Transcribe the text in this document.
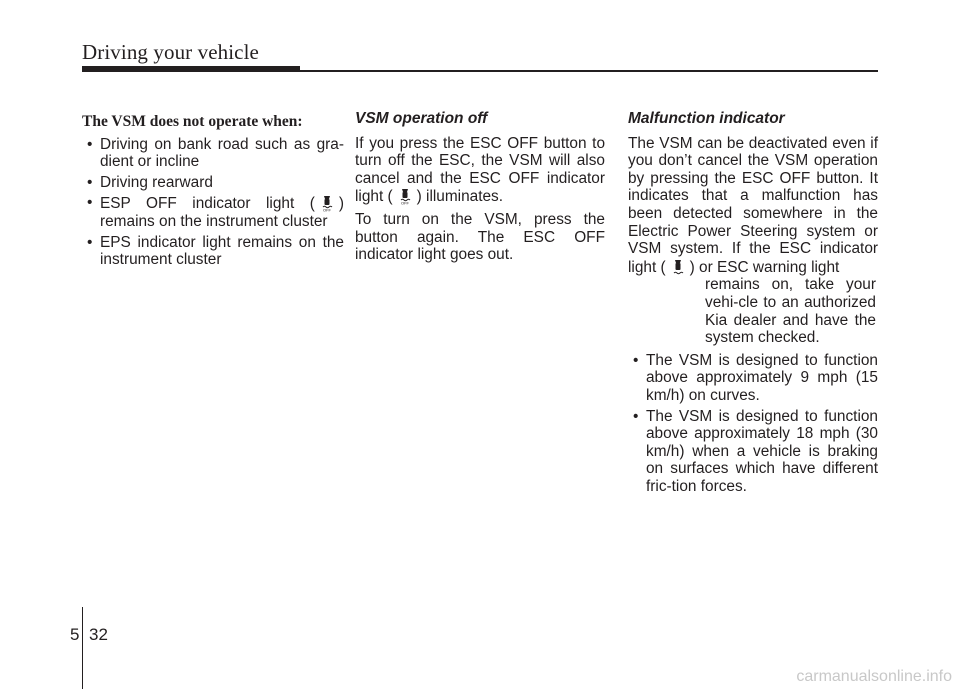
Driving your vehicle
The VSM does not operate when:
• Driving on bank road such as gra-dient or incline
• Driving rearward
• ESP OFF indicator light ( OFF ) remains on the instrument cluster
• EPS indicator light remains on the instrument cluster
VSM operation off

If you press the ESC OFF button to turn off the ESC, the VSM will also cancel and the ESC OFF indicator light ( OFF ) illuminates.

To turn on the VSM, press the button again. The ESC OFF indicator light goes out.

Malfunction indicator

The VSM can be deactivated even if you don’t cancel the VSM operation by pressing the ESC OFF button. It indicates that a malfunction has been detected somewhere in the Electric Power Steering system or VSM system. If the ESC indicator light ( ) or ESC warning light
remains on, take your vehi-cle to an authorized Kia dealer and have the system checked.

• The VSM is designed to function above approximately 9 mph (15 km/h) on curves.
• The VSM is designed to function above approximately 18 mph (30 km/h) when a vehicle is braking on surfaces which have different fric-tion forces.
5 32
carmanualsonline.info
